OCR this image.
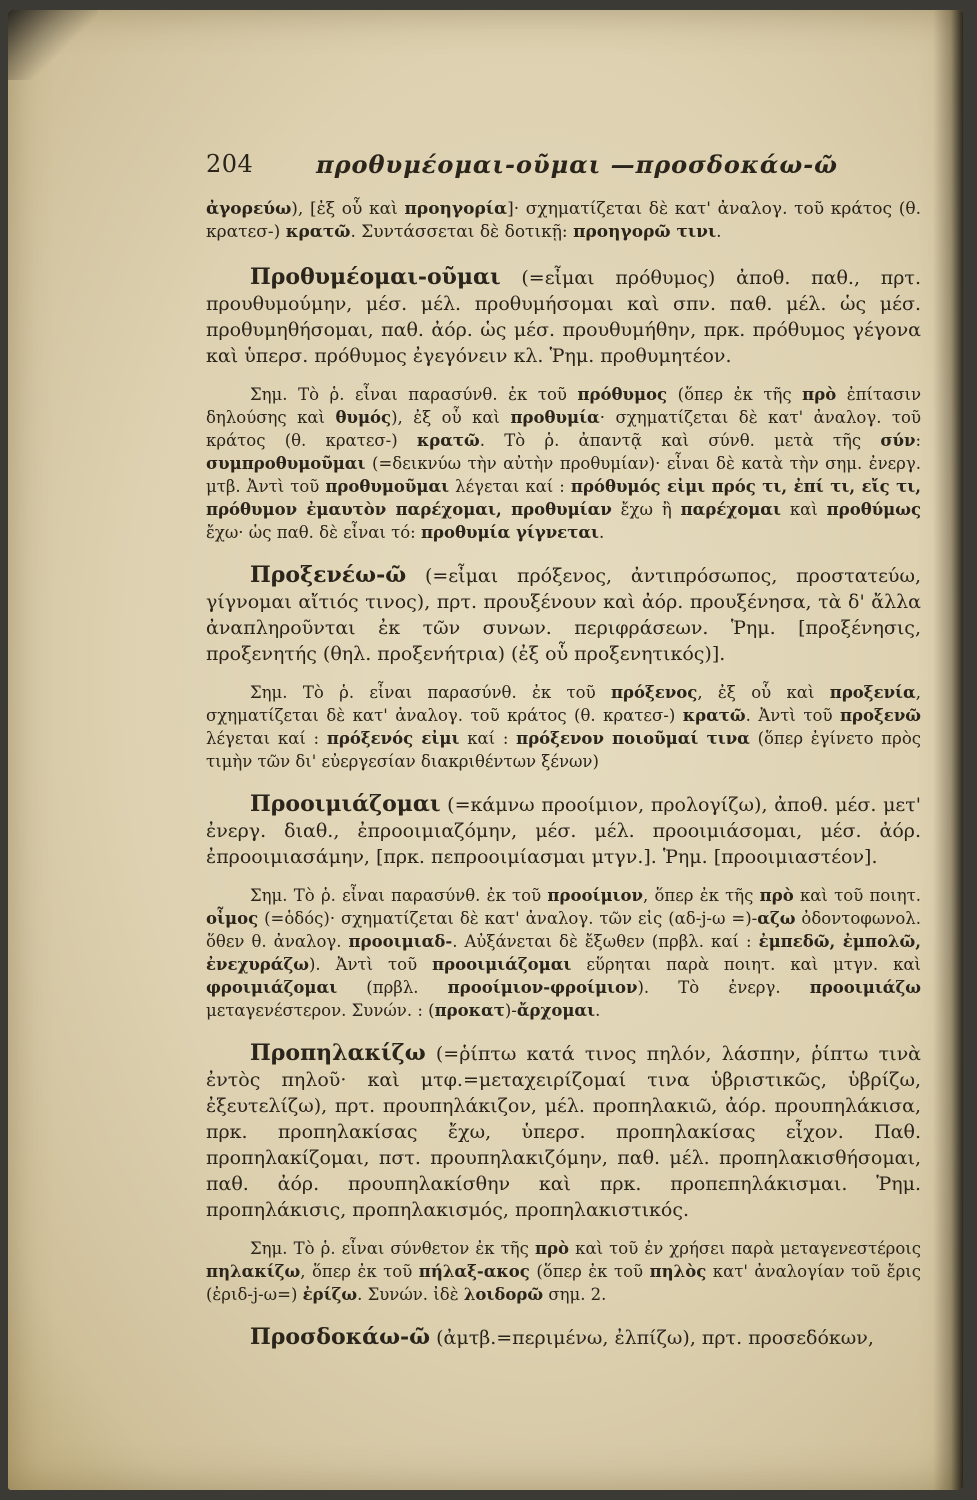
204	προθυμέομαι-οῦμαι —προσδοκάω-ῶ

ἀγορεύω), [ἐξ οὗ καὶ προηγορία]· σχηματίζεται δὲ κατ' ἀναλογ. τοῦ κράτος (θ. κρατεσ-) κρατῶ. Συντάσσεται δὲ δοτικῇ: προηγορῶ τινι.

Προθυμέομαι-οῦμαι (=εἶμαι πρόθυμος) ἀποθ. παθ., πρτ. προυθυμούμην, μέσ. μέλ. προθυμήσομαι καὶ σπν. παθ. μέλ. ὡς μέσ. προθυμηθήσομαι, παθ. ἀόρ. ὡς μέσ. προυθυμήθην, πρκ. πρόθυμος γέγονα καὶ ὑπερσ. πρόθυμος ἐγεγόνειν κλ. Ῥημ. προθυμητέον.

Σημ. Τὸ ῥ. εἶναι παρασύνθ. ἐκ τοῦ πρόθυμος (ὅπερ ἐκ τῆς πρὸ ἐπίτασιν δηλούσης καὶ θυμός), ἐξ οὗ καὶ προθυμία· σχηματίζεται δὲ κατ' ἀναλογ. τοῦ κράτος (θ. κρατεσ-) κρατῶ. Τὸ ῥ. ἀπαντᾷ καὶ σύνθ. μετὰ τῆς σύν: συμπροθυμοῦμαι (=δεικνύω τὴν αὐτὴν προθυμίαν)· εἶναι δὲ κατὰ τὴν σημ. ἐνεργ. μτβ. Ἀντὶ τοῦ προθυμοῦμαι λέγεται καί : πρόθυμός εἰμι πρός τι, ἐπί τι, εἴς τι, πρόθυμον ἐμαυτὸν παρέχομαι, προθυμίαν ἔχω ἢ παρέχομαι καὶ προθύμως ἔχω· ὡς παθ. δὲ εἶναι τό: προθυμία γίγνεται.

Προξενέω-ῶ (=εἶμαι πρόξενος, ἀντιπρόσωπος, προστατεύω, γίγνομαι αἴτιός τινος), πρτ. προυξένουν καὶ ἀόρ. προυξένησα, τὰ δ' ἄλλα ἀναπληροῦνται ἐκ τῶν συνων. περιφράσεων. Ῥημ. [προξένησις, προξενητής (θηλ. προξενήτρια) (ἐξ οὗ προξενητικός)].

Σημ. Τὸ ῥ. εἶναι παρασύνθ. ἐκ τοῦ πρόξενος, ἐξ οὗ καὶ προξενία, σχηματίζεται δὲ κατ' ἀναλογ. τοῦ κράτος (θ. κρατεσ-) κρατῶ. Ἀντὶ τοῦ προξενῶ λέγεται καί : πρόξενός εἰμι καί : πρόξενον ποιοῦμαί τινα (ὅπερ ἐγίνετο πρὸς τιμὴν τῶν δι' εὐεργεσίαν διακριθέντων ξένων)

Προοιμιάζομαι (=κάμνω προοίμιον, προλογίζω), ἀποθ. μέσ. μετ' ἐνεργ. διαθ., ἐπροοιμιαζόμην, μέσ. μέλ. προοιμιάσομαι, μέσ. ἀόρ. ἐπροοιμιασάμην, [πρκ. πεπροοιμίασμαι μτγν.]. Ῥημ. [προοιμιαστέον].

Σημ. Τὸ ῥ. εἶναι παρασύνθ. ἐκ τοῦ προοίμιον, ὅπερ ἐκ τῆς πρὸ καὶ τοῦ ποιητ. οἶμος (=ὁδός)· σχηματίζεται δὲ κατ' ἀναλογ. τῶν εἰς (αδ-j-ω =)-αζω ὀδοντοφωνολ. ὅθεν θ. ἀναλογ. προοιμιαδ-. Αὐξάνεται δὲ ἔξωθεν (πρβλ. καί : ἐμπεδῶ, ἐμπολῶ, ἐνεχυράζω). Ἀντὶ τοῦ προοιμιάζομαι εὕρηται παρὰ ποιητ. καὶ μτγν. καὶ φροιμιάζομαι (πρβλ. προοίμιον-φροίμιον). Τὸ ἐνεργ. προοιμιάζω μεταγενέστερον. Συνών. : (προκατ)-ἄρχομαι.

Προπηλακίζω (=ῥίπτω κατά τινος πηλόν, λάσπην, ῥίπτω τινὰ ἐντὸς πηλοῦ· καὶ μτφ.=μεταχειρίζομαί τινα ὑβριστικῶς, ὑβρίζω, ἐξευτελίζω), πρτ. προυπηλάκιζον, μέλ. προπηλακιῶ, ἀόρ. προυπηλάκισα, πρκ. προπηλακίσας ἔχω, ὑπερσ. προπηλακίσας εἶχον. Παθ. προπηλακίζομαι, πστ. προυπηλακιζόμην, παθ. μέλ. προπηλακισθήσομαι, παθ. ἀόρ. προυπηλακίσθην καὶ πρκ. προπεπηλάκισμαι. Ῥημ. προπηλάκισις, προπηλακισμός, προπηλακιστικός.

Σημ. Τὸ ῥ. εἶναι σύνθετον ἐκ τῆς πρὸ καὶ τοῦ ἐν χρήσει παρὰ μεταγενεστέροις πηλακίζω, ὅπερ ἐκ τοῦ πήλαξ-ακος (ὅπερ ἐκ τοῦ πηλὸς κατ' ἀναλογίαν τοῦ ἔρις (ἐριδ-j-ω=) ἐρίζω. Συνών. ἰδὲ λοιδορῶ σημ. 2.

Προσδοκάω-ῶ (ἀμτβ.=περιμένω, ἐλπίζω), πρτ. προσεδόκων,
